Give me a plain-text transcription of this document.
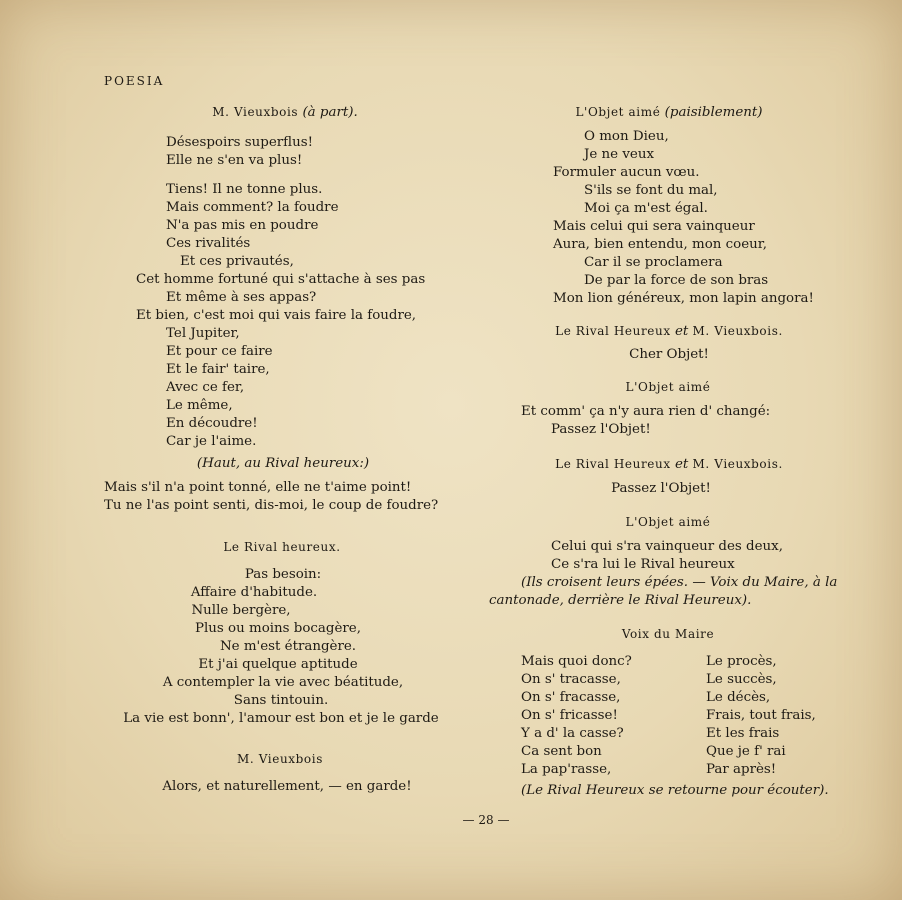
POESIA
M. Vieuxbois (à part).
Désespoirs superflus!
Elle ne s'en va plus!
Tiens! Il ne tonne plus.
Mais comment? la foudre
N'a pas mis en poudre
Ces rivalités
Et ces privautés,
Cet homme fortuné qui s'attache à ses pas
Et même à ses appas?
Et bien, c'est moi qui vais faire la foudre,
Tel Jupiter,
Et pour ce faire
Et le fair' taire,
Avec ce fer,
Le même,
En découdre!
Car je l'aime.
(Haut, au Rival heureux:)
Mais s'il n'a point tonné, elle ne t'aime point!
Tu ne l'as point senti, dis-moi, le coup de foudre?
Le Rival heureux.
Pas besoin:
Affaire d'habitude.
Nulle bergère,
Plus ou moins bocagère,
Ne m'est étrangère.
Et j'ai quelque aptitude
A contempler la vie avec béatitude,
Sans tintouin.
La vie est bonn', l'amour est bon et je le garde
M. Vieuxbois
Alors, et naturellement, — en garde!
L'Objet aimé (paisiblement)
O mon Dieu,
Je ne veux
Formuler aucun vœu.
S'ils se font du mal,
Moi ça m'est égal.
Mais celui qui sera vainqueur
Aura, bien entendu, mon coeur,
Car il se proclamera
De par la force de son bras
Mon lion généreux, mon lapin angora!
Le Rival Heureux et M. Vieuxbois.
Cher Objet!
L'Objet aimé
Et comm' ça n'y aura rien d' changé:
Passez l'Objet!
Le Rival Heureux et M. Vieuxbois.
Passez l'Objet!
L'Objet aimé
Celui qui s'ra vainqueur des deux,
Ce s'ra lui le Rival heureux
(Ils croisent leurs épées. — Voix du Maire, à la
cantonade, derrière le Rival Heureux).
Voix du Maire
Mais quoi donc?
On s' tracasse,
On s' fracasse,
On s' fricasse!
Y a d' la casse?
Ca sent bon
La pap'rasse,
Le procès,
Le succès,
Le décès,
Frais, tout frais,
Et les frais
Que je f' rai
Par après!
(Le Rival Heureux se retourne pour écouter).
— 28 —
